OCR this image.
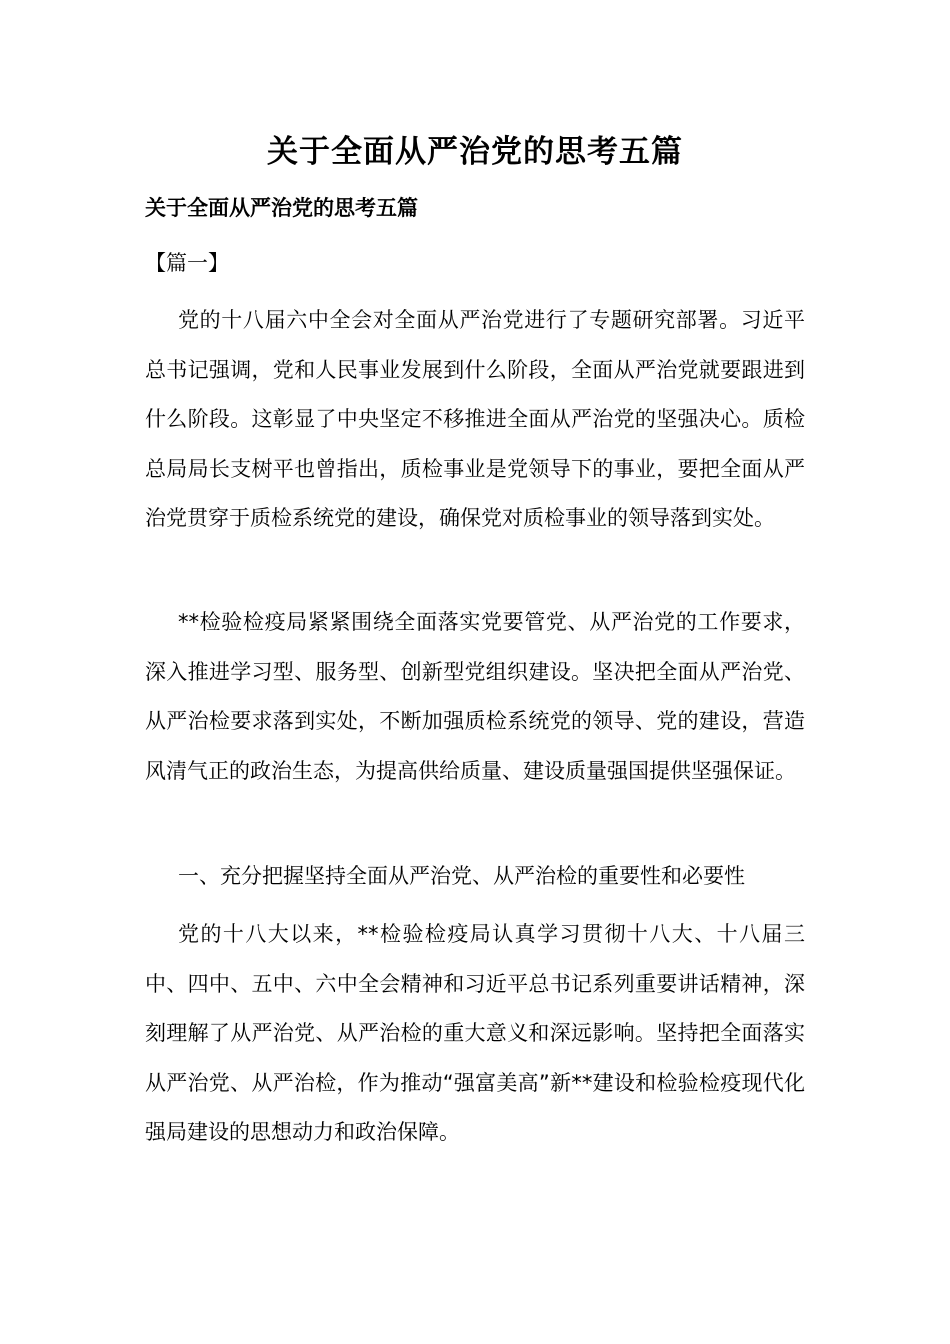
关于全面从严治党的思考五篇
关于全面从严治党的思考五篇
【篇一】

党的十八届六中全会对全面从严治党进行了专题研究部署。习近平总书记强调，党和人民事业发展到什么阶段，全面从严治党就要跟进到什么阶段。这彰显了中央坚定不移推进全面从严治党的坚强决心。质检总局局长支树平也曾指出，质检事业是党领导下的事业，要把全面从严治党贯穿于质检系统党的建设，确保党对质检事业的领导落到实处。

**检验检疫局紧紧围绕全面落实党要管党、从严治党的工作要求，深入推进学习型、服务型、创新型党组织建设。坚决把全面从严治党、从严治检要求落到实处，不断加强质检系统党的领导、党的建设，营造风清气正的政治生态，为提高供给质量、建设质量强国提供坚强保证。

一、充分把握坚持全面从严治党、从严治检的重要性和必要性

党的十八大以来，**检验检疫局认真学习贯彻十八大、十八届三中、四中、五中、六中全会精神和习近平总书记系列重要讲话精神，深刻理解了从严治党、从严治检的重大意义和深远影响。坚持把全面落实从严治党、从严治检，作为推动“强富美高”新**建设和检验检疫现代化强局建设的思想动力和政治保障。
